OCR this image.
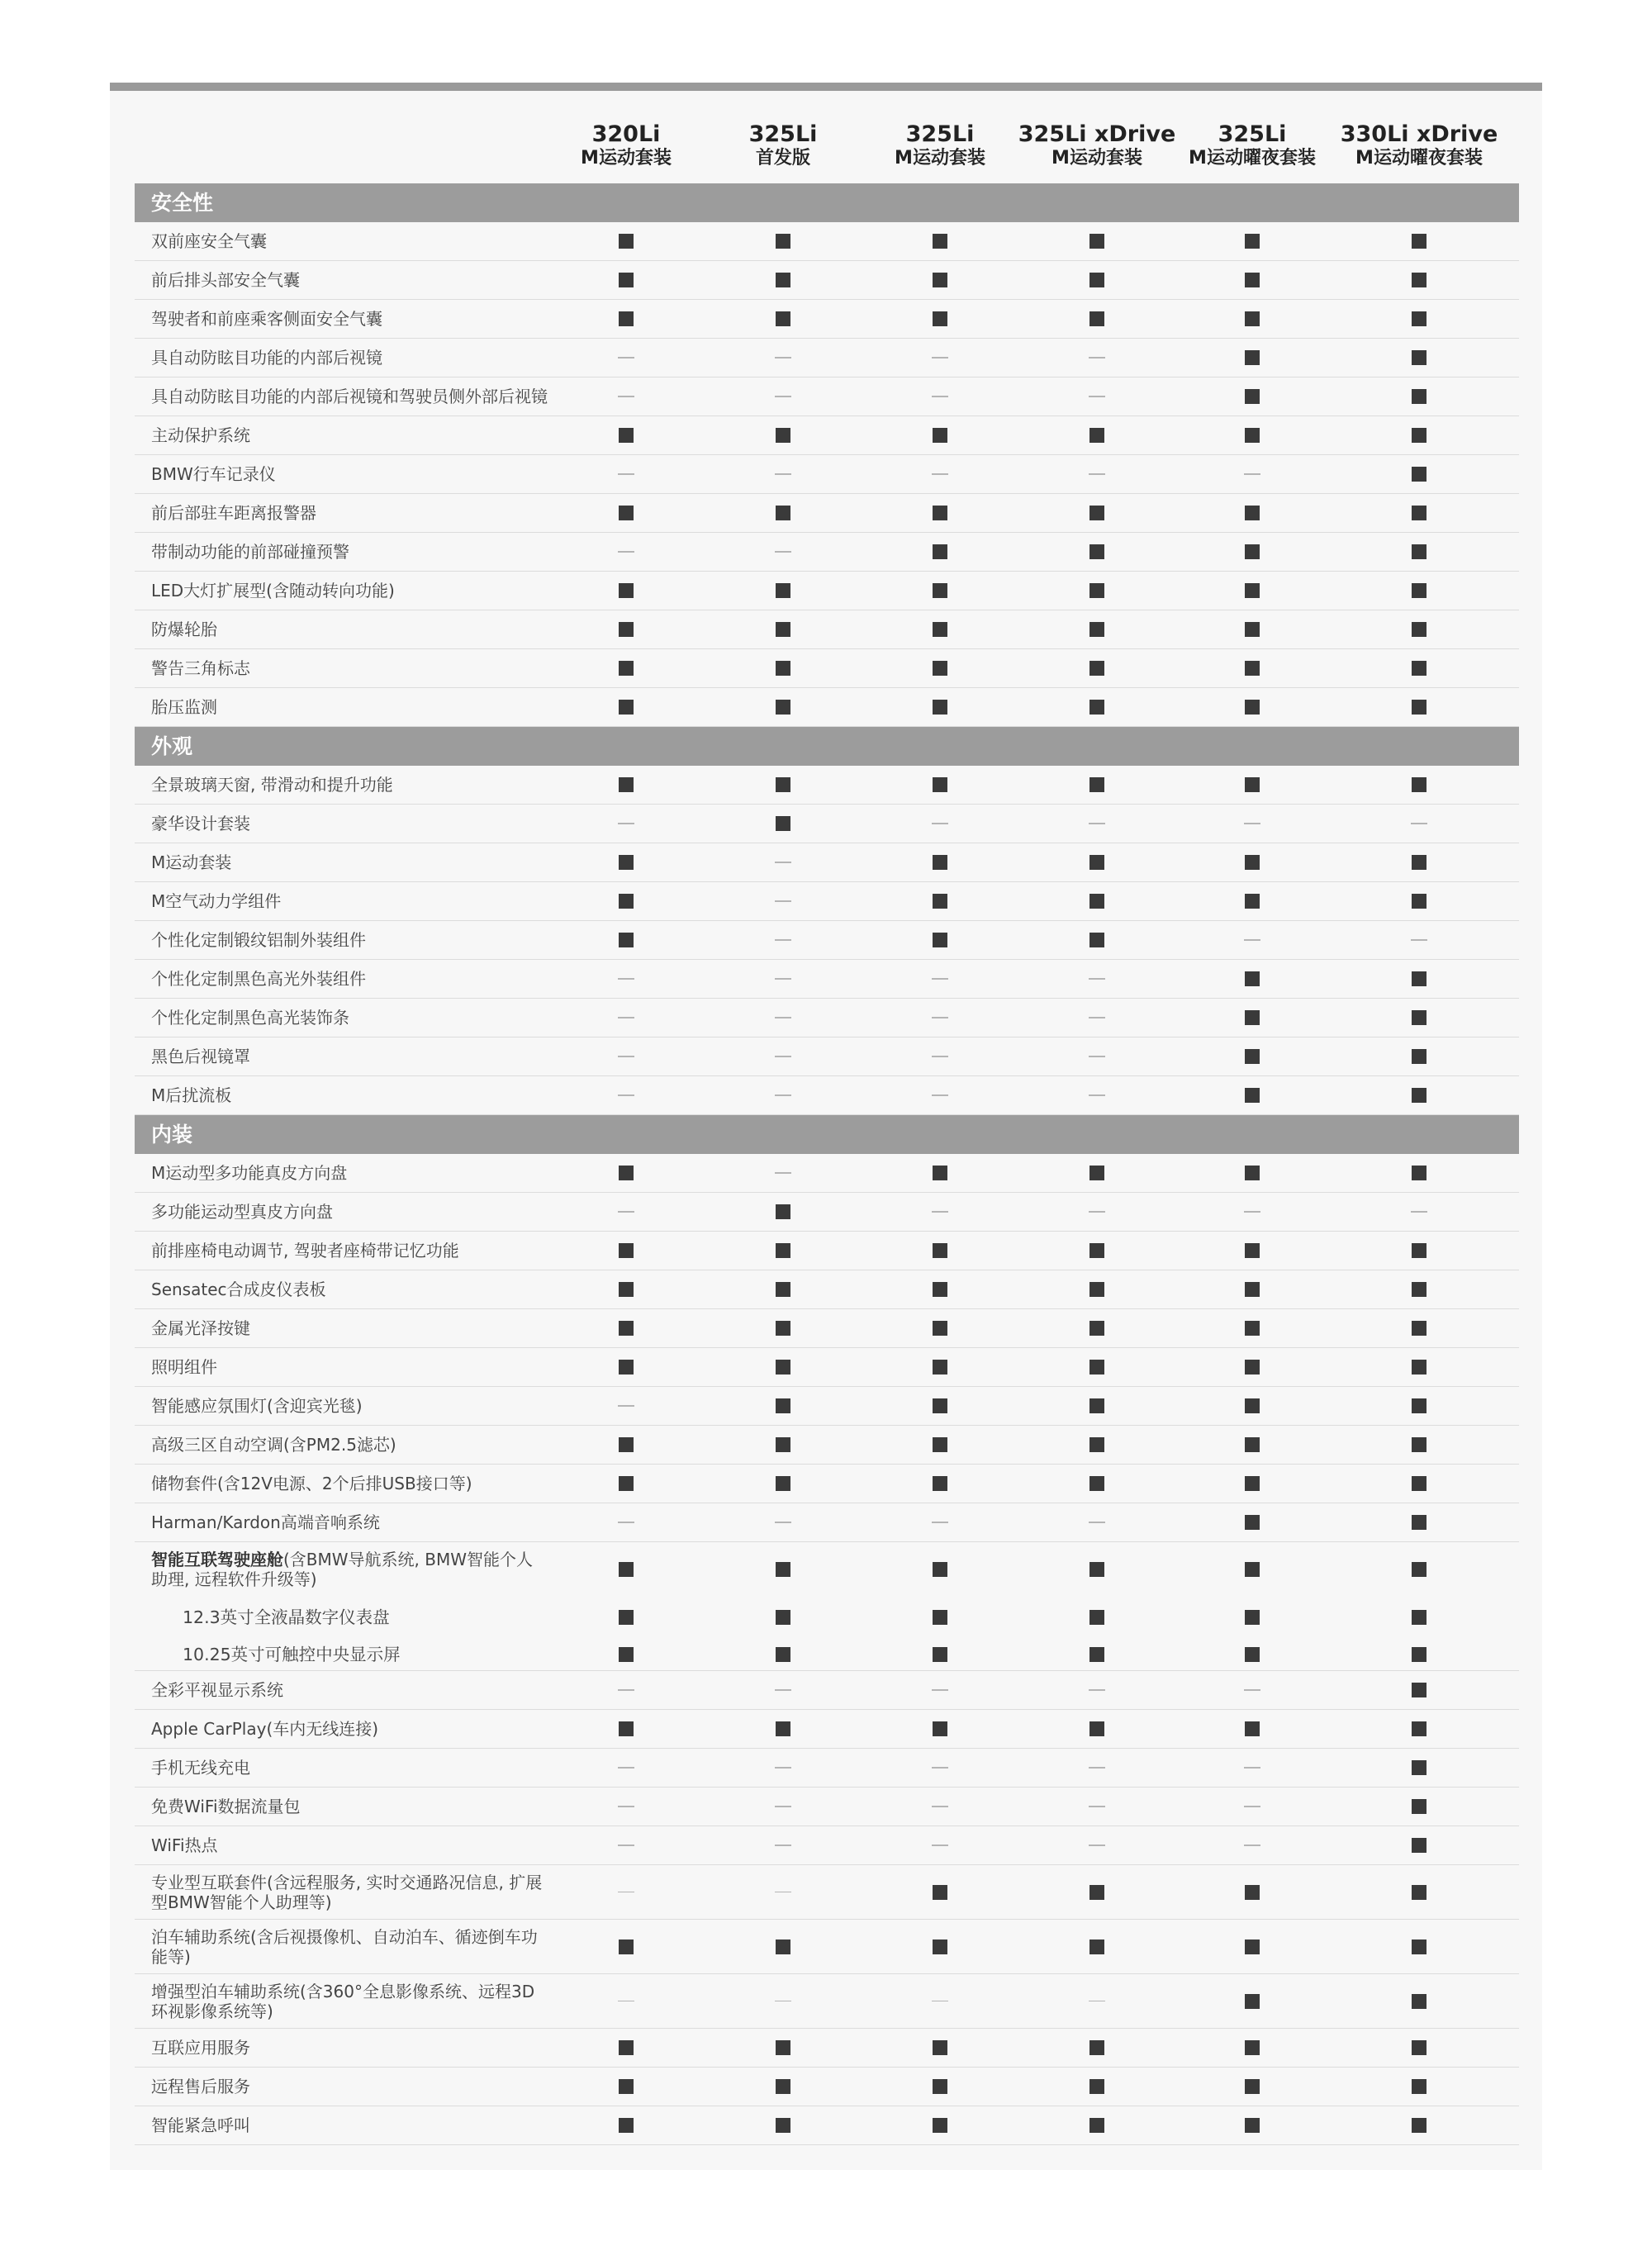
320Li
M运动套装
325Li
首发版
325Li
M运动套装
325Li xDrive
M运动套装
325Li
M运动曜夜套装
330Li xDrive
M运动曜夜套装
安全性
双前座安全气囊
前后排头部安全气囊
驾驶者和前座乘客侧面安全气囊
具自动防眩目功能的内部后视镜
具自动防眩目功能的内部后视镜和驾驶员侧外部后视镜
主动保护系统
BMW行车记录仪
前后部驻车距离报警器
带制动功能的前部碰撞预警
LED大灯扩展型(含随动转向功能)
防爆轮胎
警告三角标志
胎压监测
外观
全景玻璃天窗, 带滑动和提升功能
豪华设计套装
M运动套装
M空气动力学组件
个性化定制锻纹铝制外装组件
个性化定制黑色高光外装组件
个性化定制黑色高光装饰条
黑色后视镜罩
M后扰流板
内装
M运动型多功能真皮方向盘
多功能运动型真皮方向盘
前排座椅电动调节, 驾驶者座椅带记忆功能
Sensatec合成皮仪表板
金属光泽按键
照明组件
智能感应氛围灯(含迎宾光毯)
高级三区自动空调(含PM2.5滤芯)
储物套件(含12V电源、2个后排USB接口等)
Harman/Kardon高端音响系统
智能互联驾驶座舱(含BMW导航系统, BMW智能个人助理, 远程软件升级等)
12.3英寸全液晶数字仪表盘
10.25英寸可触控中央显示屏
全彩平视显示系统
Apple CarPlay(车内无线连接)
手机无线充电
免费WiFi数据流量包
WiFi热点
专业型互联套件(含远程服务, 实时交通路况信息, 扩展型BMW智能个人助理等)
泊车辅助系统(含后视摄像机、自动泊车、循迹倒车功能等)
增强型泊车辅助系统(含360°全息影像系统、远程3D环视影像系统等)
互联应用服务
远程售后服务
智能紧急呼叫
